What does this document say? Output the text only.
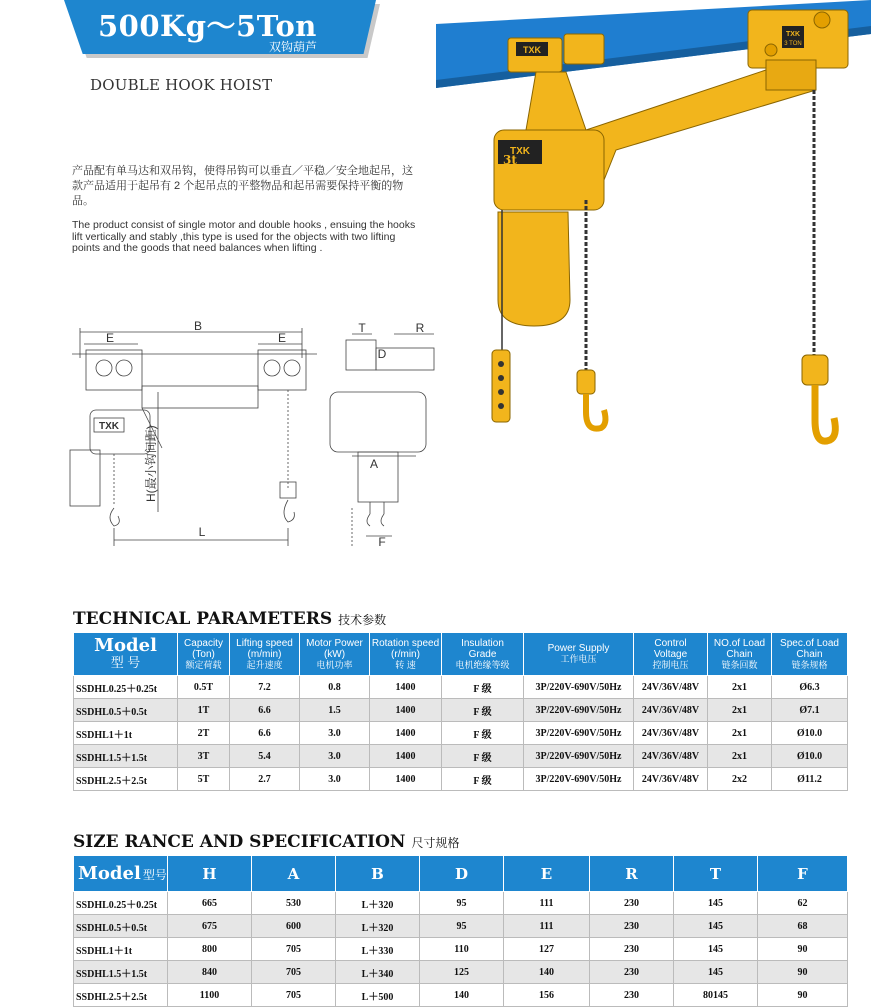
500Kg～5Ton
双钩葫芦
DOUBLE HOOK HOIST
产品配有单马达和双吊钩，使得吊钩可以垂直／平稳／安全地起吊，这款产品适用于起吊有 2 个起吊点的平整物品和起吊需要保持平衡的物品。
The product consist of single motor and double hooks , ensuing the hooks lift vertically and stably ,this type is used for the objects with two lifting points and the goods that need balances when lifting .
TXK
TXK
3 TON
TXK
3t
B
E	E
TXK H(最小钩间距)
L
T	R
D
A
F
TECHNICAL PARAMETERS 技术参数
Model
型 号	Capacity
(Ton)
额定荷载	Lifting speed
(m/min)
起升速度	Motor Power
(kW)
电机功率	Rotation speed
(r/min)
转 速	Insulation
Grade
电机绝缘等级	Power Supply
工作电压	Control
Voltage
控制电压	NO.of Load
Chain
链条回数	Spec.of Load
Chain
链条规格

SSDHL0.25＋0.25t	0.5T	7.2	0.8	1400	F 级	3P/220V-690V/50Hz	24V/36V/48V	2x1	Ø6.3
SSDHL0.5＋0.5t	1T	6.6	1.5	1400	F 级	3P/220V-690V/50Hz	24V/36V/48V	2x1	Ø7.1
SSDHL1＋1t	2T	6.6	3.0	1400	F 级	3P/220V-690V/50Hz	24V/36V/48V	2x1	Ø10.0
SSDHL1.5＋1.5t	3T	5.4	3.0	1400	F 级	3P/220V-690V/50Hz	24V/36V/48V	2x1	Ø10.0
SSDHL2.5＋2.5t	5T	2.7	3.0	1400	F 级	3P/220V-690V/50Hz	24V/36V/48V	2x2	Ø11.2
SIZE RANCE AND SPECIFICATION 尺寸规格
Model 型号	H	A	B	D	E	R	T	F
SSDHL0.25＋0.25t	665	530	L＋320	95	111	230	145	62
SSDHL0.5＋0.5t	675	600	L＋320	95	111	230	145	68
SSDHL1＋1t	800	705	L＋330	110	127	230	145	90
SSDHL1.5＋1.5t	840	705	L＋340	125	140	230	145	90
SSDHL2.5＋2.5t	1100	705	L＋500	140	156	230	80145	90
